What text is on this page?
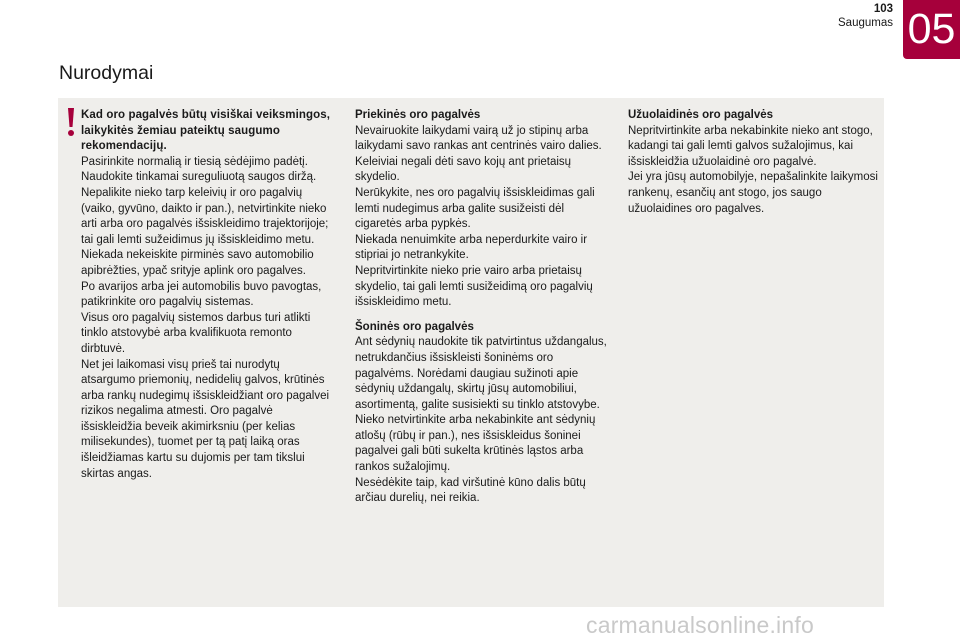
103
Saugumas 05
Nurodymai
Kad oro pagalvės būtų visiškai veiksmingos, laikykitės žemiau pateiktų saugumo rekomendacijų.

Pasirinkite normalią ir tiesią sėdėjimo padėtį. Naudokite tinkamai sureguliuotą saugos diržą.
Nepalikite nieko tarp keleivių ir oro pagalvių (vaiko, gyvūno, daikto ir pan.), netvirtinkite nieko arti arba oro pagalvės išsiskleidimo trajektorijoje; tai gali lemti sužeidimus jų išsiskleidimo metu.
Niekada nekeiskite pirminės savo automobilio apibrėžties, ypač srityje aplink oro pagalves.
Po avarijos arba jei automobilis buvo pavogtas, patikrinkite oro pagalvių sistemas.
Visus oro pagalvių sistemos darbus turi atlikti tinklo atstovybė arba kvalifikuota remonto dirbtuvė.
Net jei laikomasi visų prieš tai nurodytų atsargumo priemonių, nedidelių galvos, krūtinės arba rankų nudegimų išsiskleidžiant oro pagalvei rizikos negalima atmesti. Oro pagalvė išsiskleidžia beveik akimirksniu (per kelias milisekundes), tuomet per tą patį laiką oras išleidžiamas kartu su dujomis per tam tikslui skirtas angas.

Priekinės oro pagalvės

Nevairuokite laikydami vairą už jo stipinų arba laikydami savo rankas ant centrinės vairo dalies.
Keleiviai negali dėti savo kojų ant prietaisų skydelio.
Nerūkykite, nes oro pagalvių išsiskleidimas gali lemti nudegimus arba galite susižeisti dėl cigaretės arba pypkės.
Niekada nenuimkite arba neperdurkite vairo ir stipriai jo netrankykite.
Nepritvirtinkite nieko prie vairo arba prietaisų skydelio, tai gali lemti susižeidimą oro pagalvių išsiskleidimo metu.

Šoninės oro pagalvės

Ant sėdynių naudokite tik patvirtintus uždangalus, netrukdančius išsiskleisti šoninėms oro pagalvėms. Norėdami daugiau sužinoti apie sėdynių uždangalų, skirtų jūsų automobiliui, asortimentą, galite susisiekti su tinklo atstovybe.
Nieko netvirtinkite arba nekabinkite ant sėdynių atlošų (rūbų ir pan.), nes išsiskleidus šoninei pagalvei gali būti sukelta krūtinės ląstos arba rankos sužalojimų.
Nesėdėkite taip, kad viršutinė kūno dalis būtų arčiau durelių, nei reikia.

Užuolaidinės oro pagalvės

Nepritvirtinkite arba nekabinkite nieko ant stogo, kadangi tai gali lemti galvos sužalojimus, kai išsiskleidžia užuolaidinė oro pagalvė.
Jei yra jūsų automobilyje, nepašalinkite laikymosi rankenų, esančių ant stogo, jos saugo užuolaidines oro pagalves.

carmanualsonline.info
